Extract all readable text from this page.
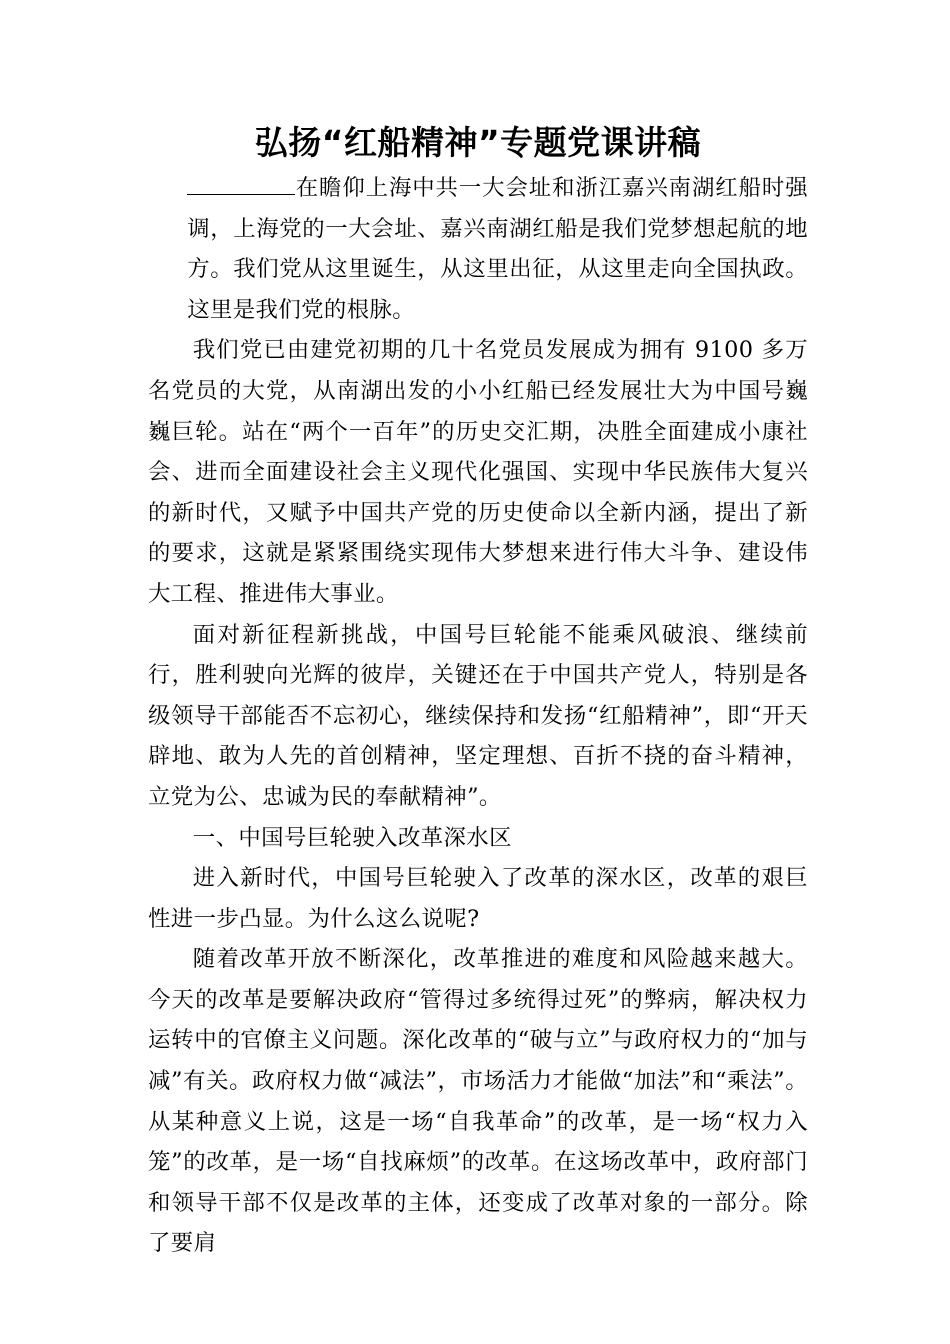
弘扬“红船精神”专题党课讲稿

在瞻仰上海中共一大会址和浙江嘉兴南湖红船时强调，上海党的一大会址、嘉兴南湖红船是我们党梦想起航的地方。我们党从这里诞生，从这里出征，从这里走向全国执政。这里是我们党的根脉。

我们党已由建党初期的几十名党员发展成为拥有 9100 多万名党员的大党，从南湖出发的小小红船已经发展壮大为中国号巍巍巨轮。站在“两个一百年”的历史交汇期，决胜全面建成小康社会、进而全面建设社会主义现代化强国、实现中华民族伟大复兴的新时代，又赋予中国共产党的历史使命以全新内涵，提出了新的要求，这就是紧紧围绕实现伟大梦想来进行伟大斗争、建设伟大工程、推进伟大事业。

面对新征程新挑战，中国号巨轮能不能乘风破浪、继续前行，胜利驶向光辉的彼岸，关键还在于中国共产党人，特别是各级领导干部能否不忘初心，继续保持和发扬“红船精神”，即“开天辟地、敢为人先的首创精神，坚定理想、百折不挠的奋斗精神，立党为公、忠诚为民的奉献精神”。

一、中国号巨轮驶入改革深水区

进入新时代，中国号巨轮驶入了改革的深水区，改革的艰巨性进一步凸显。为什么这么说呢?

随着改革开放不断深化，改革推进的难度和风险越来越大。今天的改革是要解决政府“管得过多统得过死”的弊病，解决权力运转中的官僚主义问题。深化改革的“破与立”与政府权力的“加与减”有关。政府权力做“减法”，市场活力才能做“加法”和“乘法”。从某种意义上说，这是一场“自我革命”的改革，是一场“权力入笼”的改革，是一场“自找麻烦”的改革。在这场改革中，政府部门和领导干部不仅是改革的主体，还变成了改革对象的一部分。除了要肩
